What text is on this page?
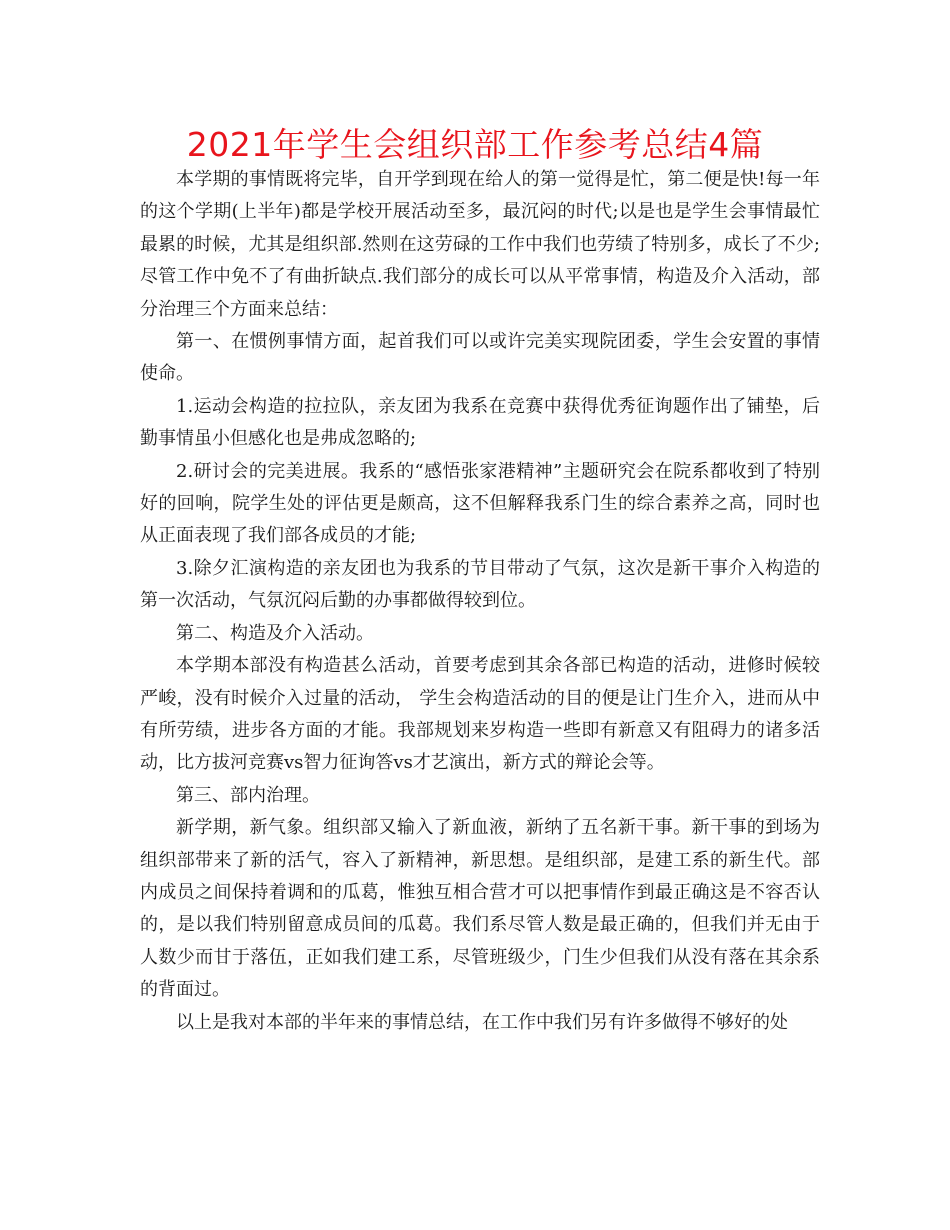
2021年学生会组织部工作参考总结4篇

本学期的事情既将完毕，自开学到现在给人的第一觉得是忙，第二便是快!每一年的这个学期(上半年)都是学校开展活动至多，最沉闷的时代;以是也是学生会事情最忙最累的时候，尤其是组织部.然则在这劳碌的工作中我们也劳绩了特别多，成长了不少;尽管工作中免不了有曲折缺点.我们部分的成长可以从平常事情，构造及介入活动，部分治理三个方面来总结：

第一、在惯例事情方面，起首我们可以或许完美实现院团委，学生会安置的事情使命。

1.运动会构造的拉拉队，亲友团为我系在竞赛中获得优秀征询题作出了铺垫，后勤事情虽小但感化也是弗成忽略的;

2.研讨会的完美进展。我系的“感悟张家港精神”主题研究会在院系都收到了特别好的回响，院学生处的评估更是颇高，这不但解释我系门生的综合素养之高，同时也从正面表现了我们部各成员的才能;

3.除夕汇演构造的亲友团也为我系的节目带动了气氛，这次是新干事介入构造的第一次活动，气氛沉闷后勤的办事都做得较到位。

第二、构造及介入活动。

本学期本部没有构造甚么活动，首要考虑到其余各部已构造的活动，进修时候较严峻，没有时候介入过量的活动， 学生会构造活动的目的便是让门生介入，进而从中有所劳绩，进步各方面的才能。我部规划来岁构造一些即有新意又有阻碍力的诸多活动，比方拔河竞赛vs智力征询答vs才艺演出，新方式的辩论会等。

第三、部内治理。

新学期，新气象。组织部又输入了新血液，新纳了五名新干事。新干事的到场为组织部带来了新的活气，容入了新精神，新思想。是组织部，是建工系的新生代。部内成员之间保持着调和的瓜葛，惟独互相合营才可以把事情作到最正确这是不容否认的，是以我们特别留意成员间的瓜葛。我们系尽管人数是最正确的，但我们并无由于人数少而甘于落伍，正如我们建工系，尽管班级少，门生少但我们从没有落在其余系的背面过。

以上是我对本部的半年来的事情总结，在工作中我们另有许多做得不够好的处
